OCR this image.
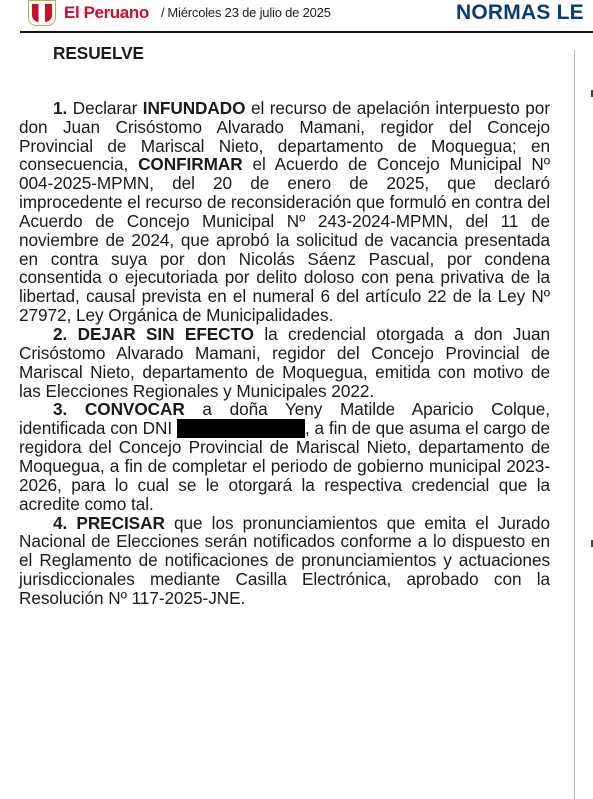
El Peruano / Miércoles 23 de julio de 2025	NORMAS LE
RESUELVE

1. Declarar INFUNDADO el recurso de apelación interpuesto por don Juan Crisóstomo Alvarado Mamani, regidor del Concejo Provincial de Mariscal Nieto, departamento de Moquegua; en consecuencia, CONFIRMAR el Acuerdo de Concejo Municipal Nº 004-2025-MPMN, del 20 de enero de 2025, que declaró improcedente el recurso de reconsideración que formuló en contra del Acuerdo de Concejo Municipal Nº 243-2024-MPMN, del 11 de noviembre de 2024, que aprobó la solicitud de vacancia presentada en contra suya por don Nicolás Sáenz Pascual, por condena consentida o ejecutoriada por delito doloso con pena privativa de la libertad, causal prevista en el numeral 6 del artículo 22 de la Ley Nº 27972, Ley Orgánica de Municipalidades.

2. DEJAR SIN EFECTO la credencial otorgada a don Juan Crisóstomo Alvarado Mamani, regidor del Concejo Provincial de Mariscal Nieto, departamento de Moquegua, emitida con motivo de las Elecciones Regionales y Municipales 2022.

3. CONVOCAR a doña Yeny Matilde Aparicio Colque, identificada con DNI	, a fin de que asuma el cargo de regidora del Concejo Provincial de Mariscal Nieto, departamento de Moquegua, a fin de completar el periodo de gobierno municipal 2023-2026, para lo cual se le otorgará la respectiva credencial que la acredite como tal.

4. PRECISAR que los pronunciamientos que emita el Jurado Nacional de Elecciones serán notificados conforme a lo dispuesto en el Reglamento de notificaciones de pronunciamientos y actuaciones jurisdiccionales mediante Casilla Electrónica, aprobado con la Resolución Nº 117-2025-JNE.
